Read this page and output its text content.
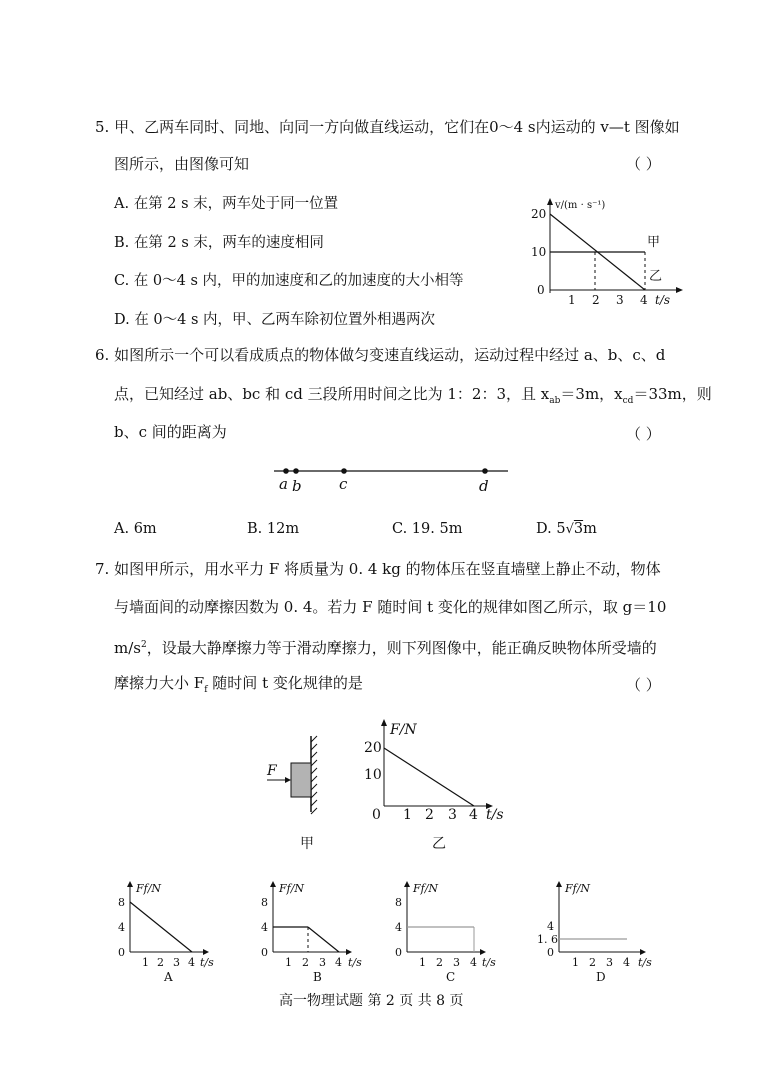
5. 甲、乙两车同时、同地、向同一方向做直线运动，它们在0～4 s内运动的 v—t 图像如
图所示，由图像可知	（ ）
A. 在第 2 s 末，两车处于同一位置
B. 在第 2 s 末，两车的速度相同
C. 在 0～4 s 内，甲的加速度和乙的加速度的大小相等
D. 在 0～4 s 内，甲、乙两车除初位置外相遇两次
20
10
0
1 2 3 4 t/s
v/(m · s⁻¹)
甲
乙
6. 如图所示一个可以看成质点的物体做匀变速直线运动，运动过程中经过 a、b、c、d
点，已知经过 ab、bc 和 cd 三段所用时间之比为 1：2：3，且 $x_{ab}=3m$，$x_{cd}=33m$，则
b、c 间的距离为	（ ）
a b c	d
A. 6m	B. 12m	C. 19. 5m	D. 5√3m
7. 如图甲所示，用水平力 F 将质量为 0. 4 kg 的物体压在竖直墙壁上静止不动，物体
与墙面间的动摩擦因数为 0. 4。若力 F 随时间 t 变化的规律如图乙所示，取 g＝10
$m/s^2$，设最大静摩擦力等于滑动摩擦力，则下列图像中，能正确反映物体所受墙的
摩擦力大小 $F_f$ 随时间 t 变化规律的是	（ ）
F
甲
F/N
20
10
0 1 2 3 4 t/s
乙
Ff/N
8
4
0
1 2 3 4 t/s
A
Ff/N
8
4
0
1 2 3 4 t/s
B
Ff/N
8
4
0
1 2 3 4 t/s
C
Ff/N
4
1. 6
0
1 2 3 4 t/s
D
高一物理试题 第 2 页 共 8 页
